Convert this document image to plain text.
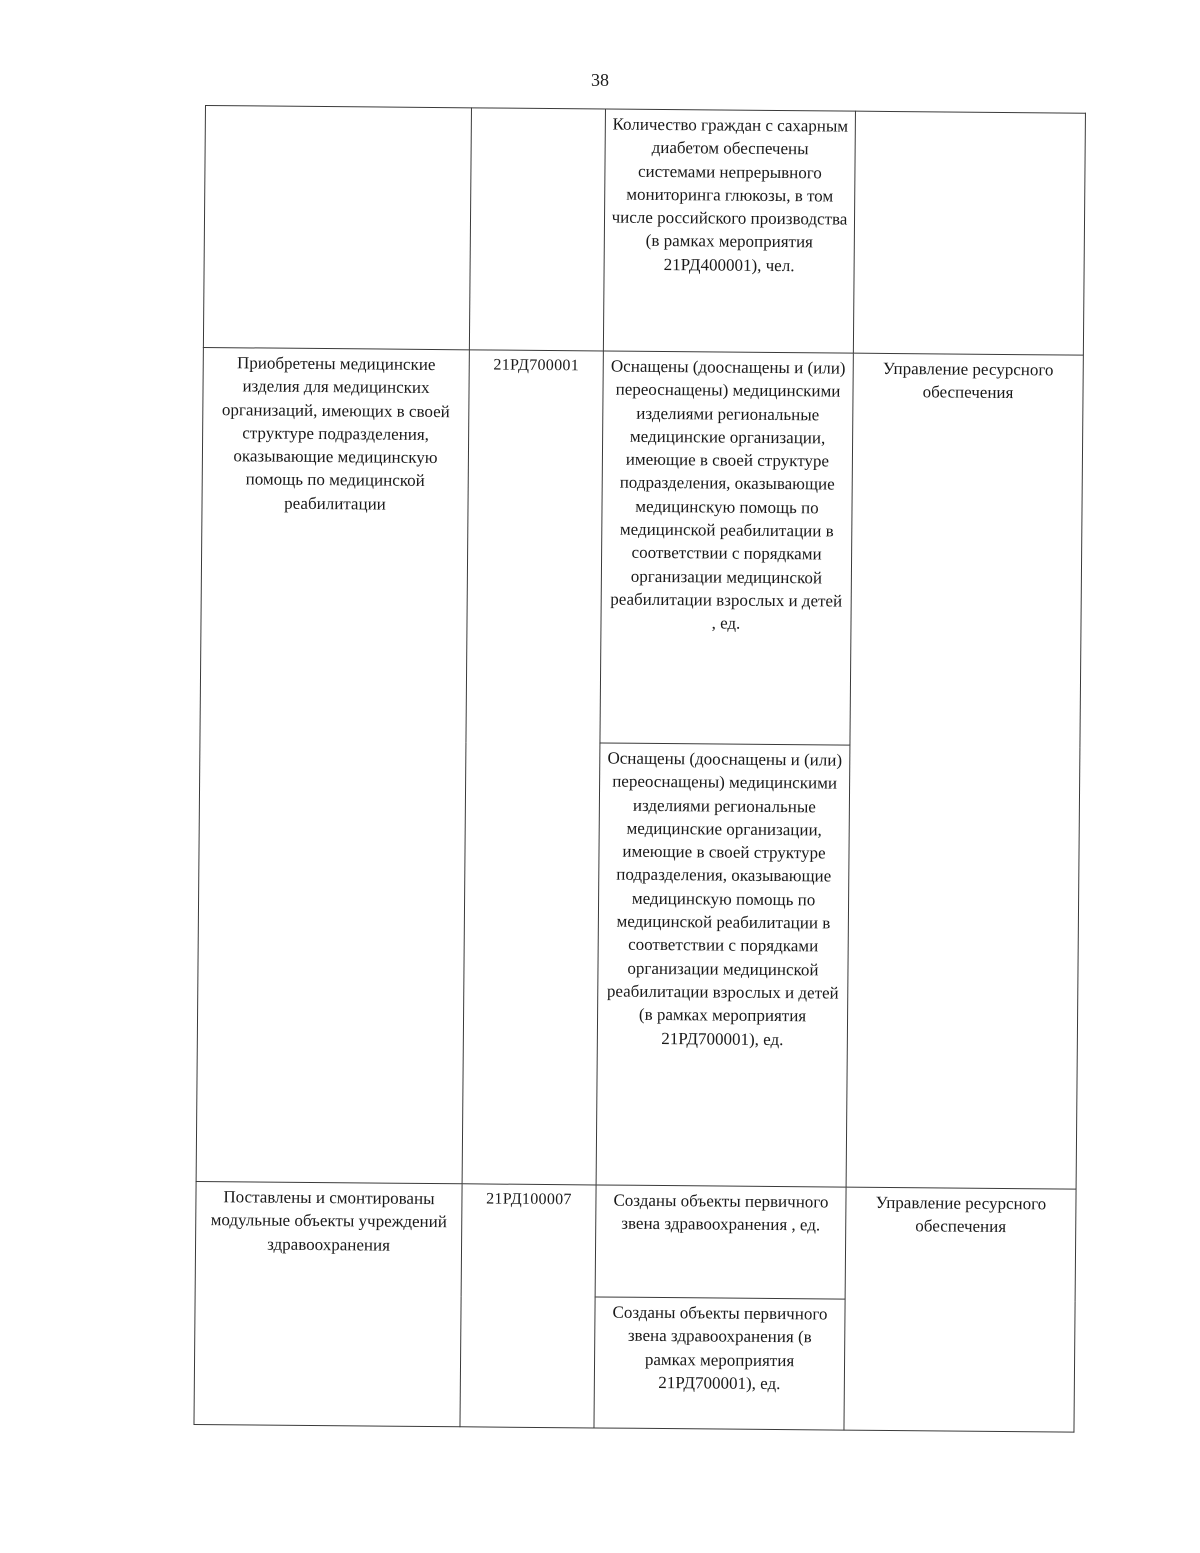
38
		Количество граждан с сахарным диабетом обеспечены системами непрерывного мониторинга глюкозы, в том числе российского производства (в рамках мероприятия 21РД400001), чел.	
Приобретены медицинские изделия для медицинских организаций, имеющих в своей структуре подразделения, оказывающие медицинскую помощь по медицинской реабилитации	21РД700001	Оснащены (дооснащены и (или) переоснащены) медицинскими изделиями региональные медицинские организации, имеющие в своей структуре подразделения, оказывающие медицинскую помощь по медицинской реабилитации в соответствии с порядками организации медицинской реабилитации взрослых и детей , ед.	Управление ресурсного обеспечения
		Оснащены (дооснащены и (или) переоснащены) медицинскими изделиями региональные медицинские организации, имеющие в своей структуре подразделения, оказывающие медицинскую помощь по медицинской реабилитации в соответствии с порядками организации медицинской реабилитации взрослых и детей (в рамках мероприятия 21РД700001), ед.	
Поставлены и смонтированы модульные объекты учреждений здравоохранения	21РД100007	Созданы объекты первичного звена здравоохранения , ед.	Управление ресурсного обеспечения
		Созданы объекты первичного звена здравоохранения (в рамках мероприятия 21РД700001), ед.	
